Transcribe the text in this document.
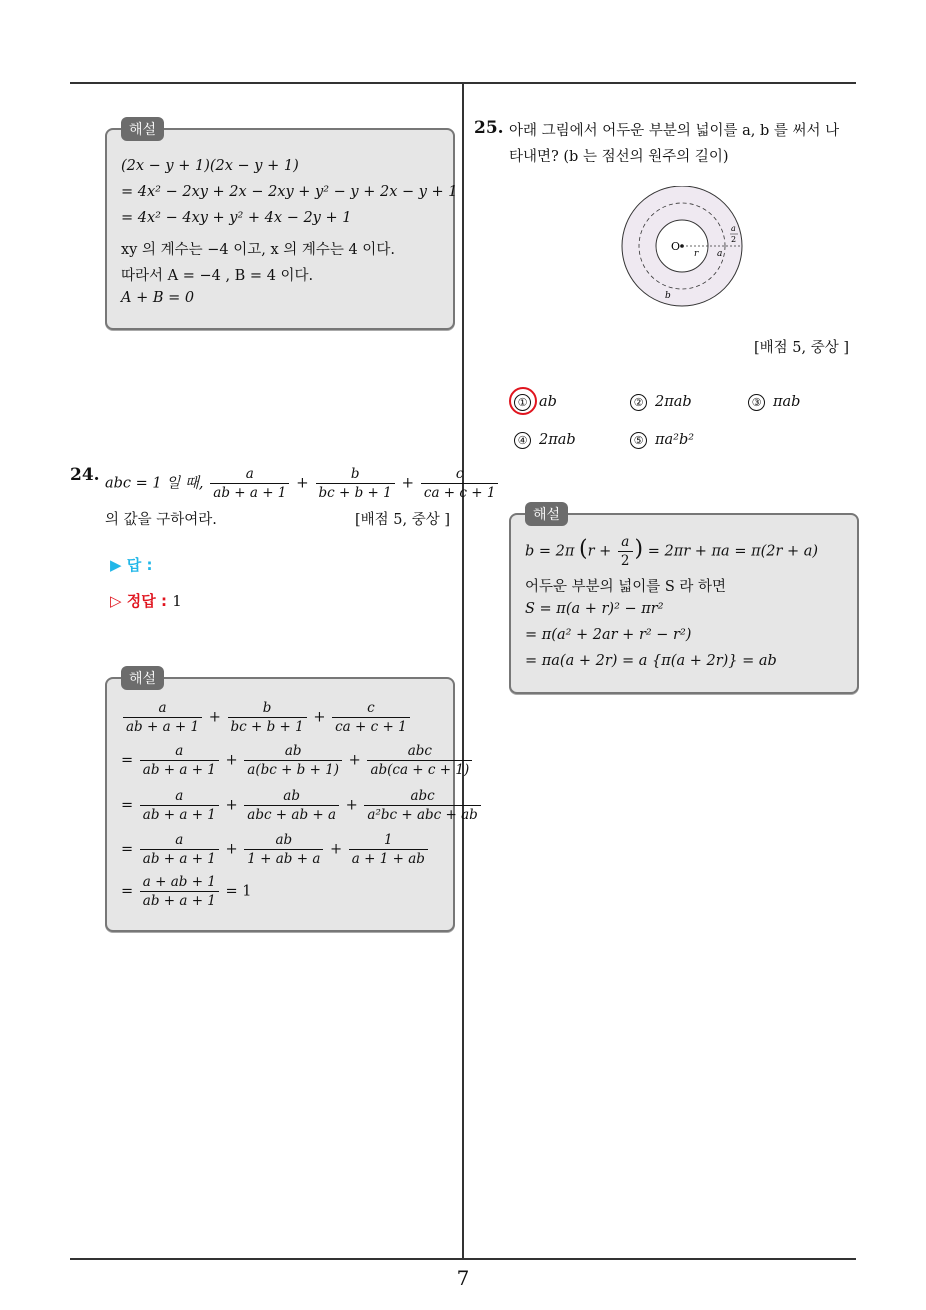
7
해설
(2x − y + 1)(2x − y + 1)
= 4x² − 2xy + 2x − 2xy + y² − y + 2x − y + 1
= 4x² − 4xy + y² + 4x − 2y + 1
xy 의 계수는 −4 이고, x 의 계수는 4 이다.
따라서 A = −4 , B = 4 이다.
A + B = 0
24. abc = 1 일 때, $\frac{a}{ab + a + 1} + \frac{b}{bc + b + 1} + \frac{c}{ca + c + 1}$
의 값을 구하여라.	[배점 5, 중상 ]
▶ 답 :
▷ 정답 : 1
해설
$\frac{a}{ab + a + 1} + \frac{b}{bc + b + 1} + \frac{c}{ca + c + 1}$
= $\frac{a}{ab + a + 1} + \frac{ab}{a(bc + b + 1)} + \frac{\text{abc}}{ab(ca + c + 1)}$
= $\frac{a}{ab + a + 1} + \frac{ab}{\text{abc + ab + a}} + \frac{\text{abc}}{\text{a²bc + abc + ab}}$
= $\frac{a}{ab + a + 1} + \frac{ab}{1 + ab + a} + \frac{1}{a + 1 + ab}$
= $\frac{a + ab + 1}{ab + a + 1} = 1$
25. 아래 그림에서 어두운 부분의 넓이를 a, b 를 써서 나
타내면? (b 는 점선의 원주의 길이)
O
r a
a
2
b
[배점 5, 중상 ]
① ab	② 2πab	③ πab
④ 2πab	⑤ πa²b²
해설
b = 2π ($r + \frac{a}{2}$ ) = 2πr + πa = π(2r + a)
어두운 부분의 넓이를 S 라 하면
S = π(a + r)² − πr²
= π(a² + 2ar + r² − r²)
= πa(a + 2r) = a {π(a + 2r)} = ab
